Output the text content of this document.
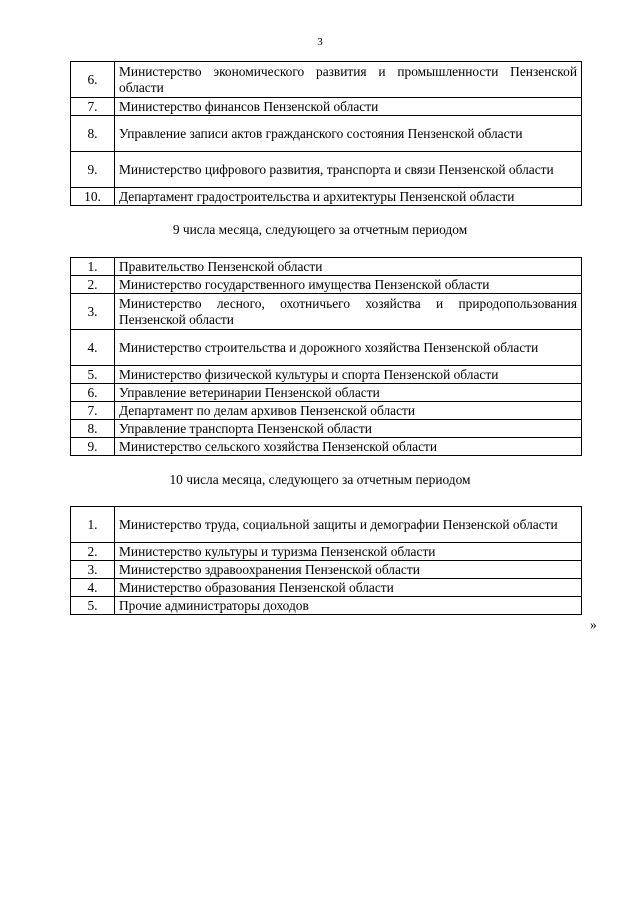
3
6.	Министерство экономического развития и промышленности Пензенской области
7.	Министерство финансов Пензенской области
8.	Управление записи актов гражданского состояния Пензенской области
9.	Министерство цифрового развития, транспорта и связи Пензенской области
10.	Департамент градостроительства и архитектуры Пензенской области
9 числа месяца, следующего за отчетным периодом
1.	Правительство Пензенской области
2.	Министерство государственного имущества Пензенской области
3.	Министерство лесного, охотничьего хозяйства и природопользования Пензенской области
4.	Министерство строительства и дорожного хозяйства Пензенской области
5.	Министерство физической культуры и спорта Пензенской области
6.	Управление ветеринарии Пензенской области
7.	Департамент по делам архивов Пензенской области
8.	Управление транспорта Пензенской области
9.	Министерство сельского хозяйства Пензенской области
10 числа месяца, следующего за отчетным периодом
1.	Министерство труда, социальной защиты и демографии Пензенской области
2.	Министерство культуры и туризма Пензенской области
3.	Министерство здравоохранения Пензенской области
4.	Министерство образования Пензенской области
5.	Прочие администраторы доходов
»
